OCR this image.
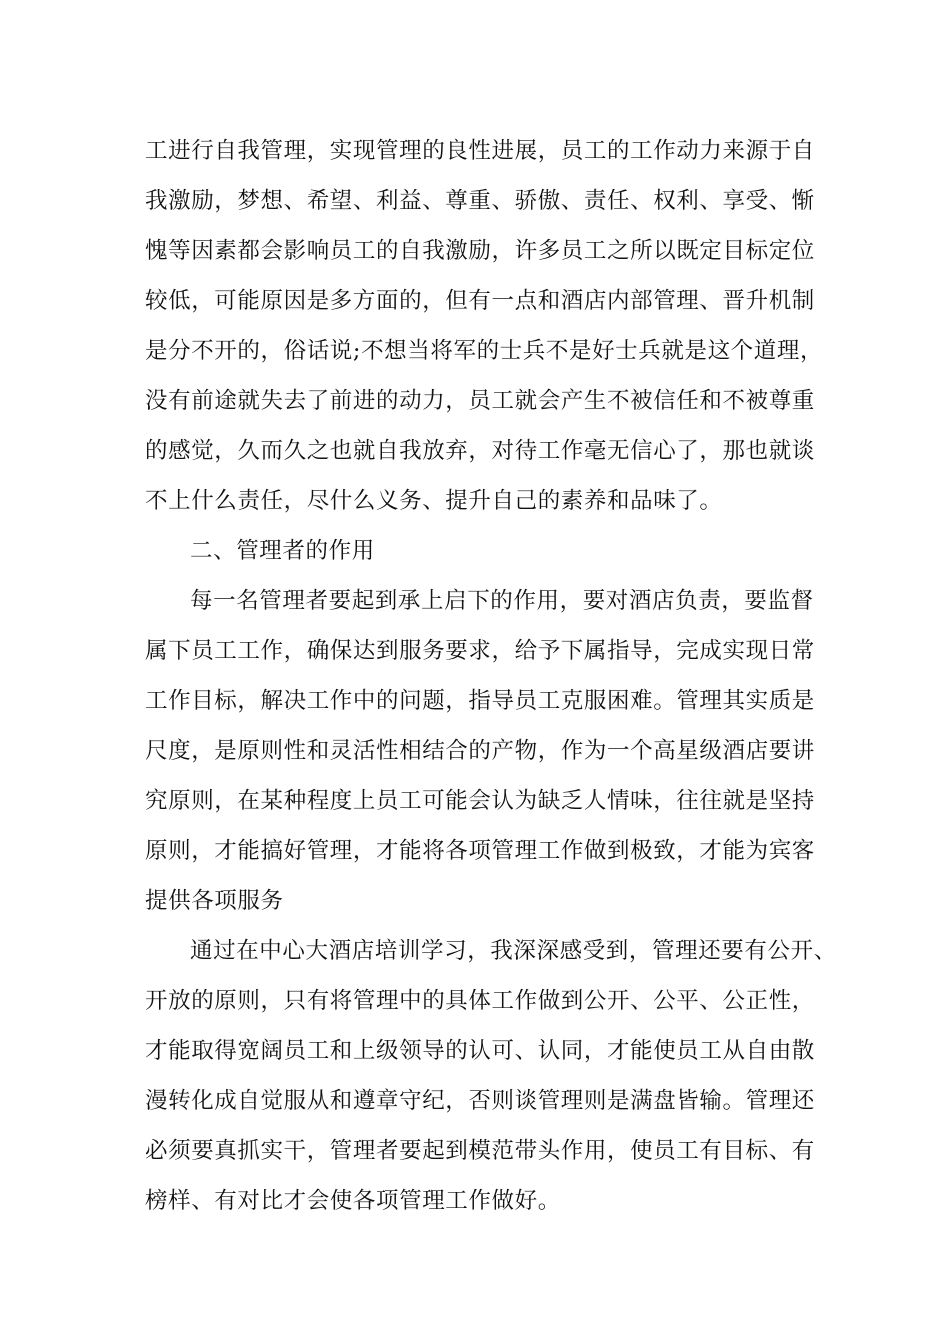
工进行自我管理，实现管理的良性进展，员工的工作动力来源于自
我激励，梦想、希望、利益、尊重、骄傲、责任、权利、享受、惭
愧等因素都会影响员工的自我激励，许多员工之所以既定目标定位
较低，可能原因是多方面的，但有一点和酒店内部管理、晋升机制
是分不开的，俗话说;不想当将军的士兵不是好士兵就是这个道理，
没有前途就失去了前进的动力，员工就会产生不被信任和不被尊重
的感觉，久而久之也就自我放弃，对待工作毫无信心了，那也就谈
不上什么责任，尽什么义务、提升自己的素养和品味了。
二、管理者的作用
每一名管理者要起到承上启下的作用，要对酒店负责，要监督
属下员工工作，确保达到服务要求，给予下属指导，完成实现日常
工作目标，解决工作中的问题，指导员工克服困难。管理其实质是
尺度，是原则性和灵活性相结合的产物，作为一个高星级酒店要讲
究原则，在某种程度上员工可能会认为缺乏人情味，往往就是坚持
原则，才能搞好管理，才能将各项管理工作做到极致，才能为宾客
提供各项服务
通过在中心大酒店培训学习，我深深感受到，管理还要有公开、
开放的原则，只有将管理中的具体工作做到公开、公平、公正性，
才能取得宽阔员工和上级领导的认可、认同，才能使员工从自由散
漫转化成自觉服从和遵章守纪，否则谈管理则是满盘皆输。管理还
必须要真抓实干，管理者要起到模范带头作用，使员工有目标、有
榜样、有对比才会使各项管理工作做好。
